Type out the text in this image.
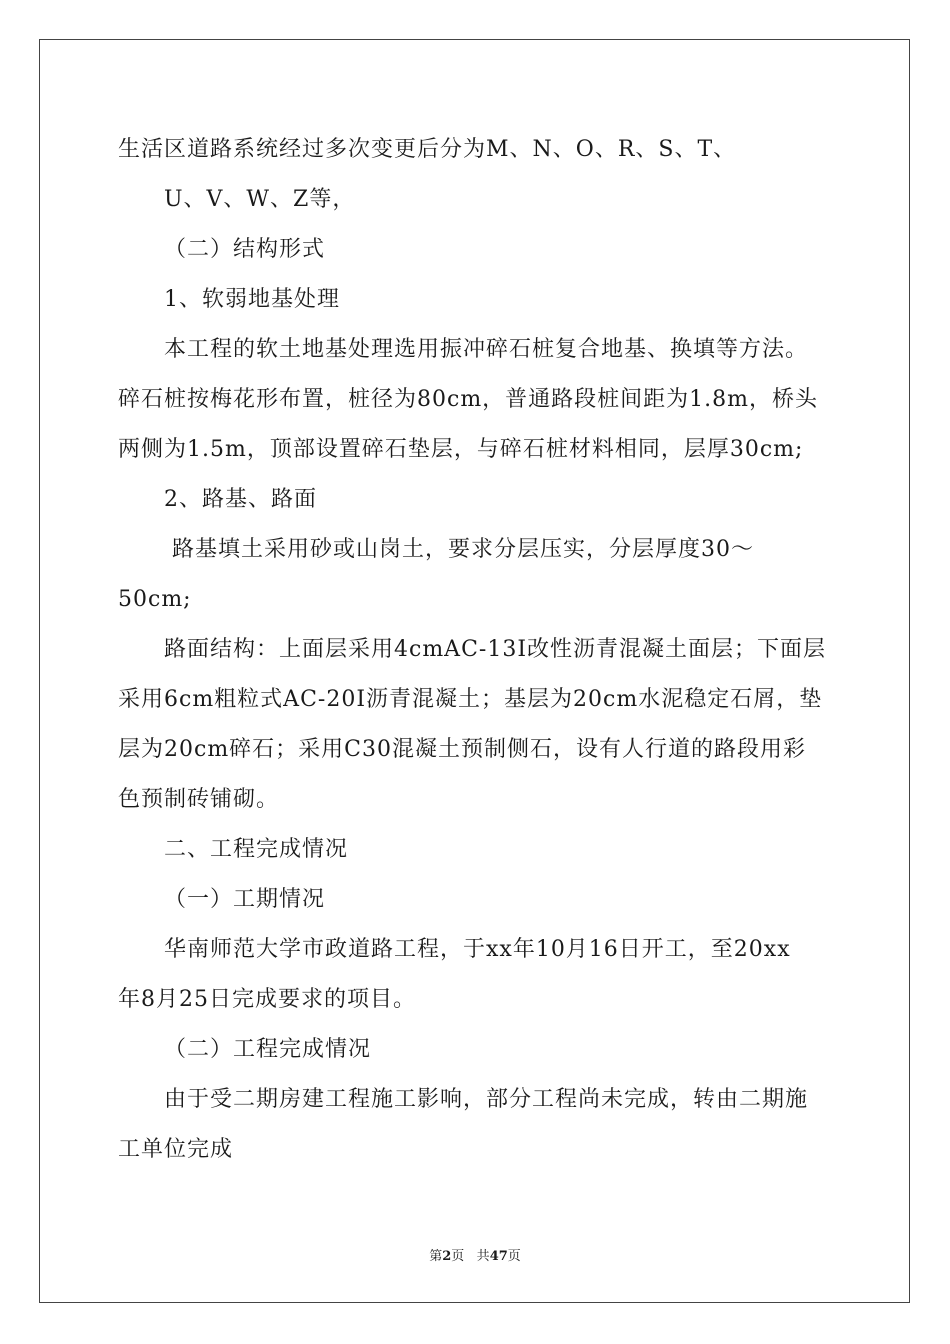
生活区道路系统经过多次变更后分为M、N、O、R、S、T、
U、V、W、Z等，
（二）结构形式
1、软弱地基处理
本工程的软土地基处理选用振冲碎石桩复合地基、换填等方法。
碎石桩按梅花形布置，桩径为80cm，普通路段桩间距为1.8m，桥头
两侧为1.5m，顶部设置碎石垫层，与碎石桩材料相同，层厚30cm;
2、路基、路面
路基填土采用砂或山岗土，要求分层压实，分层厚度30～
50cm;
路面结构：上面层采用4cmAC-13I改性沥青混凝土面层；下面层
采用6cm粗粒式AC-20I沥青混凝土；基层为20cm水泥稳定石屑，垫
层为20cm碎石；采用C30混凝土预制侧石，设有人行道的路段用彩
色预制砖铺砌。
二、工程完成情况
（一）工期情况
华南师范大学市政道路工程，于xx年10月16日开工，至20xx
年8月25日完成要求的项目。
（二）工程完成情况
由于受二期房建工程施工影响，部分工程尚未完成，转由二期施
工单位完成
第2页 共47页
